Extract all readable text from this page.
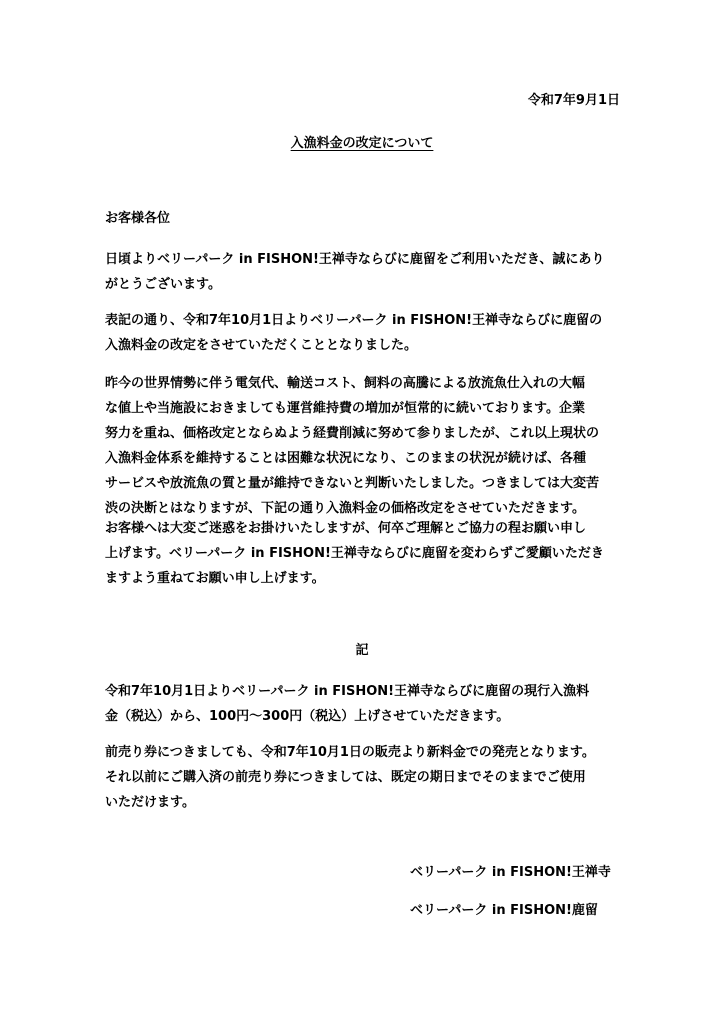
令和7年9月1日
入漁料金の改定について
お客様各位

日頃よりベリーパーク in FISHON!王禅寺ならびに鹿留をご利用いただき、誠にあり

がとうございます。

表記の通り、令和7年10月1日よりベリーパーク in FISHON!王禅寺ならびに鹿留の

入漁料金の改定をさせていただくこととなりました。

昨今の世界情勢に伴う電気代、輸送コスト、飼料の高騰による放流魚仕入れの大幅

な値上や当施設におきましても運営維持費の増加が恒常的に続いております。企業

努力を重ね、価格改定とならぬよう経費削減に努めて参りましたが、これ以上現状の

入漁料金体系を維持することは困難な状況になり、このままの状況が続けば、各種

サービスや放流魚の質と量が維持できないと判断いたしました。つきましては大変苦

渋の決断とはなりますが、下記の通り入漁料金の価格改定をさせていただきます。

お客様へは大変ご迷惑をお掛けいたしますが、何卒ご理解とご協力の程お願い申し

上げます。ベリーパーク in FISHON!王禅寺ならびに鹿留を変わらずご愛顧いただき

ますよう重ねてお願い申し上げます。

記

令和7年10月1日よりベリーパーク in FISHON!王禅寺ならびに鹿留の現行入漁料

金（税込）から、100円～300円（税込）上げさせていただきます。

前売り券につきましても、令和7年10月1日の販売より新料金での発売となります。

それ以前にご購入済の前売り券につきましては、既定の期日までそのままでご使用

いただけます。

ベリーパーク in FISHON!王禅寺
ベリーパーク in FISHON!鹿留
